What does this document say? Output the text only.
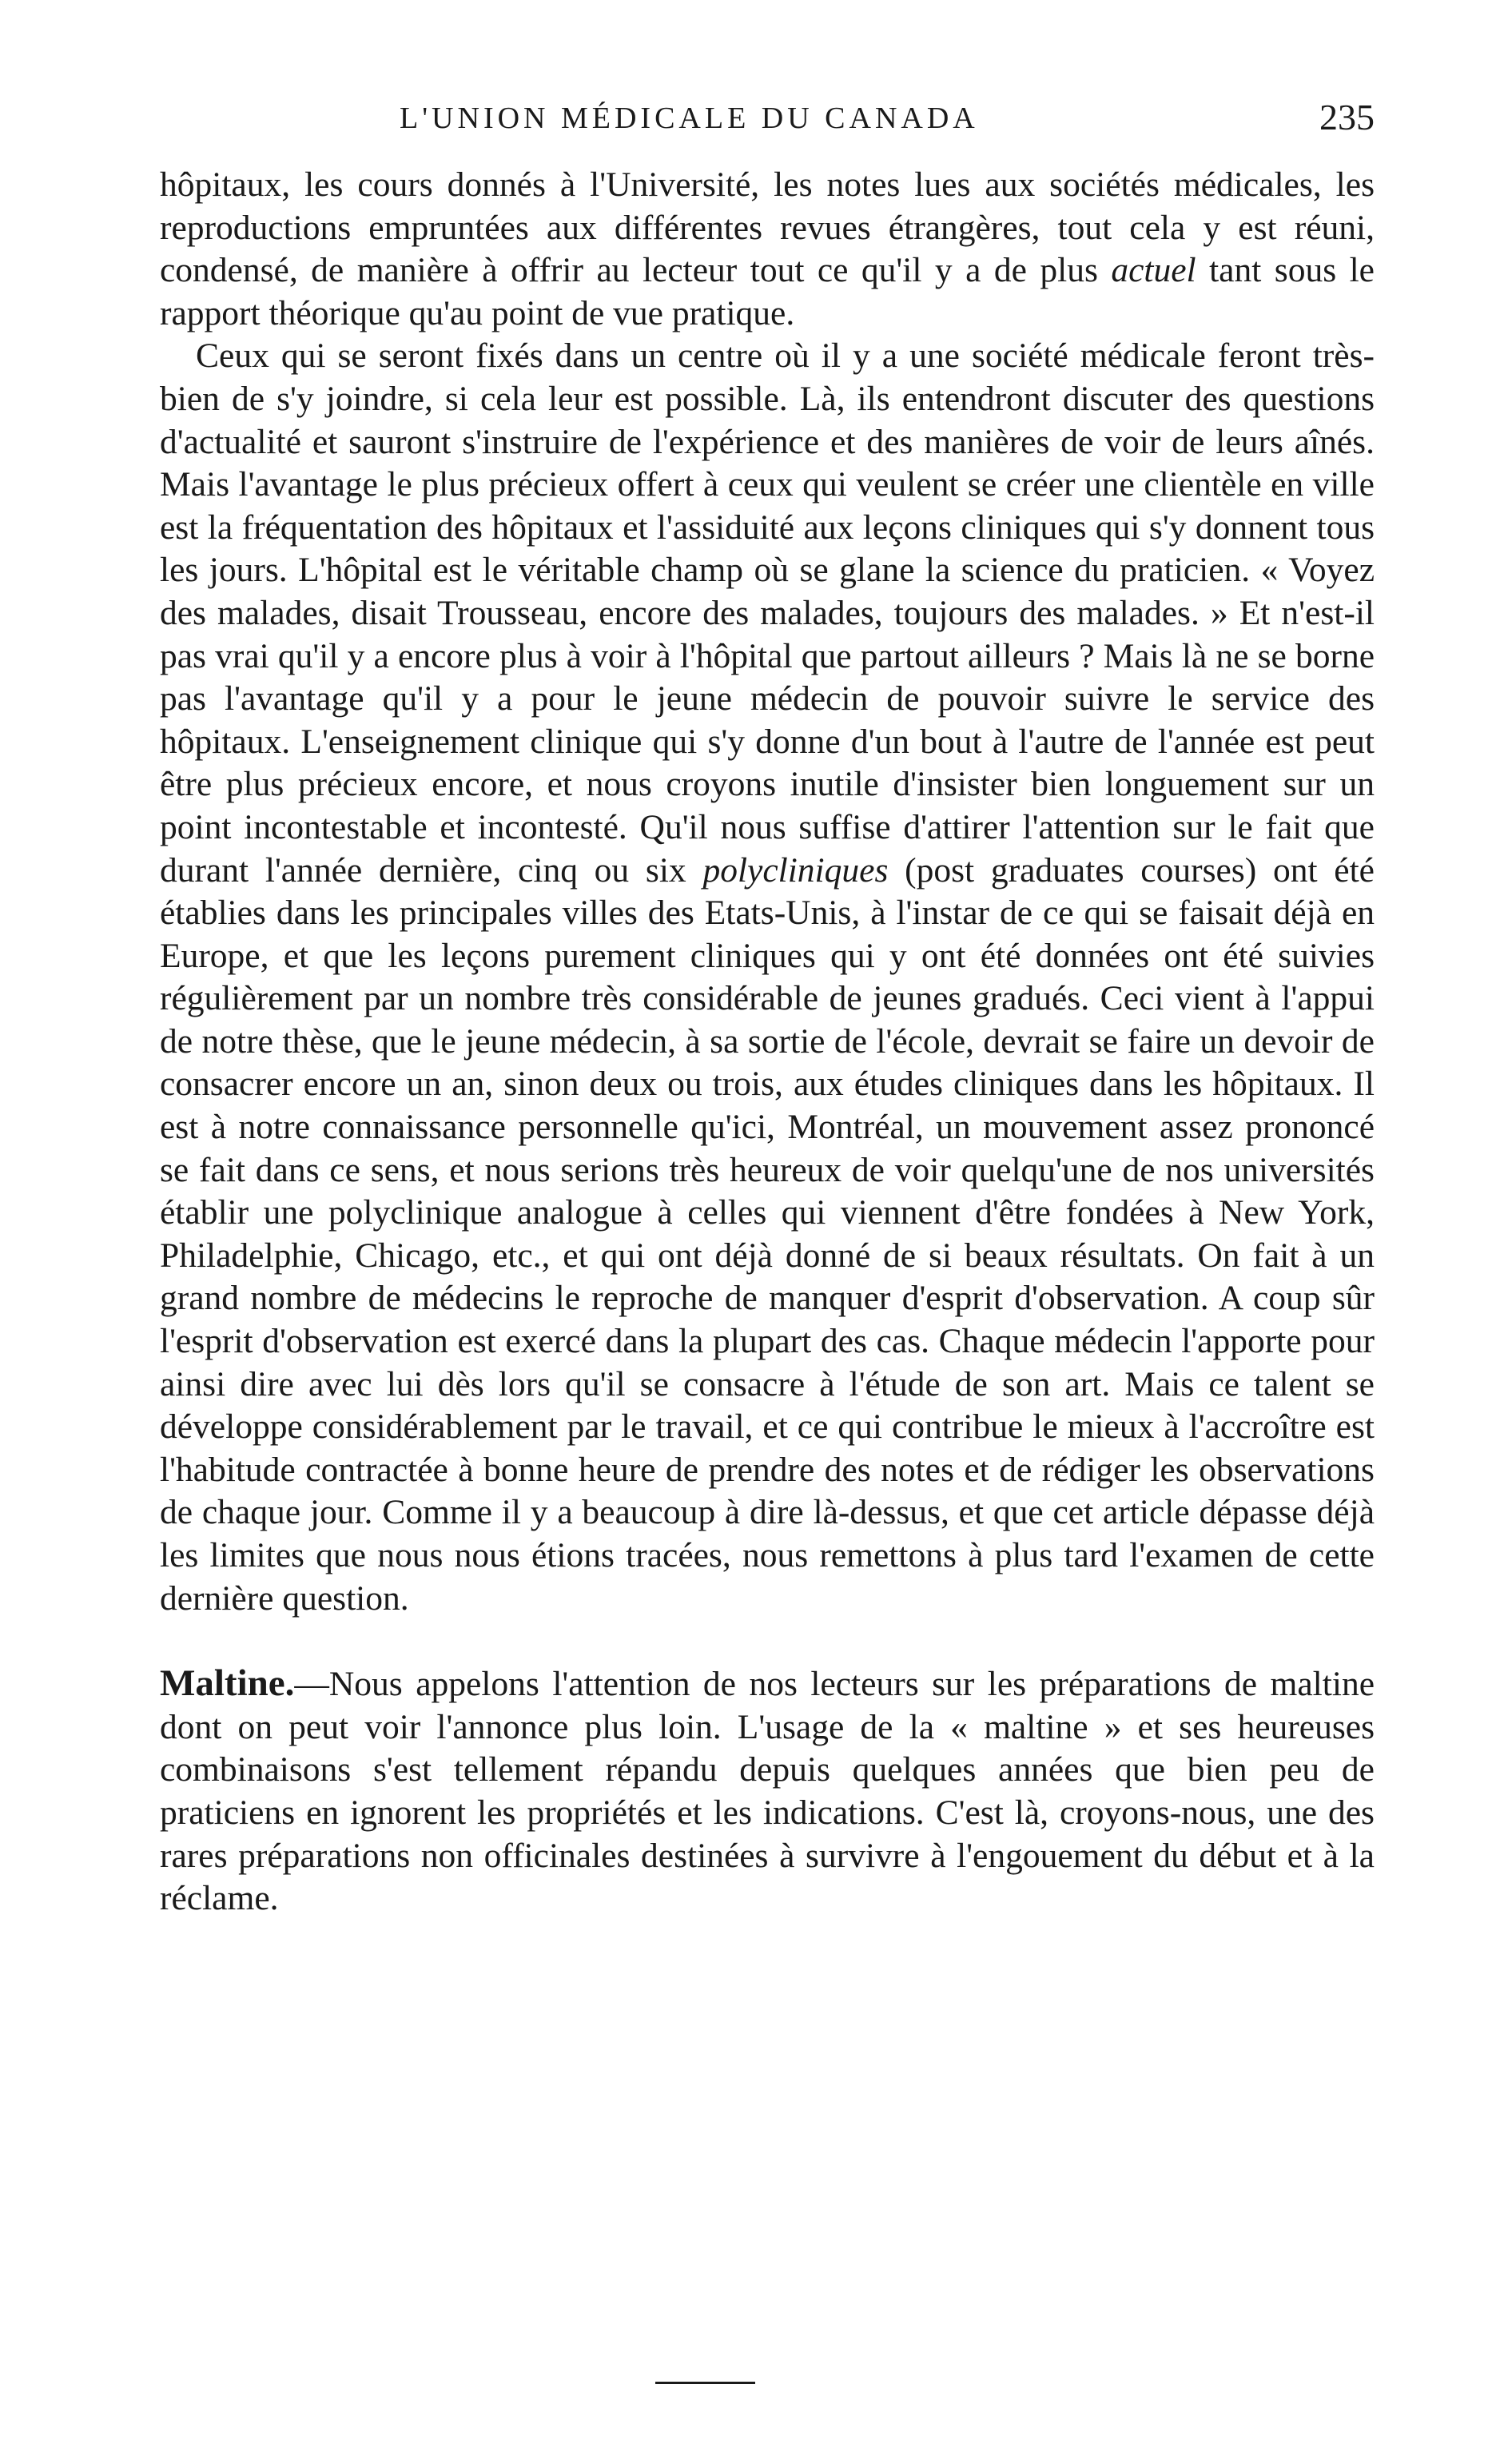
L'UNION MÉDICALE DU CANADA	235

hôpitaux, les cours donnés à l'Université, les notes lues aux sociétés médicales, les reproductions empruntées aux différentes revues étrangères, tout cela y est réuni, condensé, de manière à offrir au lecteur tout ce qu'il y a de plus actuel tant sous le rapport théorique qu'au point de vue pratique.

Ceux qui se seront fixés dans un centre où il y a une société médicale feront très-bien de s'y joindre, si cela leur est possible. Là, ils entendront discuter des questions d'actualité et sauront s'instruire de l'expérience et des manières de voir de leurs aînés. Mais l'avantage le plus précieux offert à ceux qui veulent se créer une clientèle en ville est la fréquentation des hôpitaux et l'assiduité aux leçons cliniques qui s'y donnent tous les jours. L'hôpital est le véritable champ où se glane la science du praticien. « Voyez des malades, disait Trousseau, encore des malades, toujours des malades. » Et n'est-il pas vrai qu'il y a encore plus à voir à l'hôpital que partout ailleurs ? Mais là ne se borne pas l'avantage qu'il y a pour le jeune médecin de pouvoir suivre le service des hôpitaux. L'enseignement clinique qui s'y donne d'un bout à l'autre de l'année est peut être plus précieux encore, et nous croyons inutile d'insister bien longuement sur un point incontestable et incontesté. Qu'il nous suffise d'attirer l'attention sur le fait que durant l'année dernière, cinq ou six polycliniques (post graduates courses) ont été établies dans les principales villes des Etats-Unis, à l'instar de ce qui se faisait déjà en Europe, et que les leçons purement cliniques qui y ont été données ont été suivies régulièrement par un nombre très considérable de jeunes gradués. Ceci vient à l'appui de notre thèse, que le jeune médecin, à sa sortie de l'école, devrait se faire un devoir de consacrer encore un an, sinon deux ou trois, aux études cliniques dans les hôpitaux. Il est à notre connaissance personnelle qu'ici, Montréal, un mouvement assez prononcé se fait dans ce sens, et nous serions très heureux de voir quelqu'une de nos universités établir une polyclinique analogue à celles qui viennent d'être fondées à New York, Philadelphie, Chicago, etc., et qui ont déjà donné de si beaux résultats. On fait à un grand nombre de médecins le reproche de manquer d'esprit d'observation. A coup sûr l'esprit d'observation est exercé dans la plupart des cas. Chaque médecin l'apporte pour ainsi dire avec lui dès lors qu'il se consacre à l'étude de son art. Mais ce talent se développe considérablement par le travail, et ce qui contribue le mieux à l'accroître est l'habitude contractée à bonne heure de prendre des notes et de rédiger les observations de chaque jour. Comme il y a beaucoup à dire là-dessus, et que cet article dépasse déjà les limites que nous nous étions tracées, nous remettons à plus tard l'examen de cette dernière question.

Maltine.—Nous appelons l'attention de nos lecteurs sur les préparations de maltine dont on peut voir l'annonce plus loin. L'usage de la « maltine » et ses heureuses combinaisons s'est tellement répandu depuis quelques années que bien peu de praticiens en ignorent les propriétés et les indications. C'est là, croyons-nous, une des rares préparations non officinales destinées à survivre à l'engouement du début et à la réclame.
